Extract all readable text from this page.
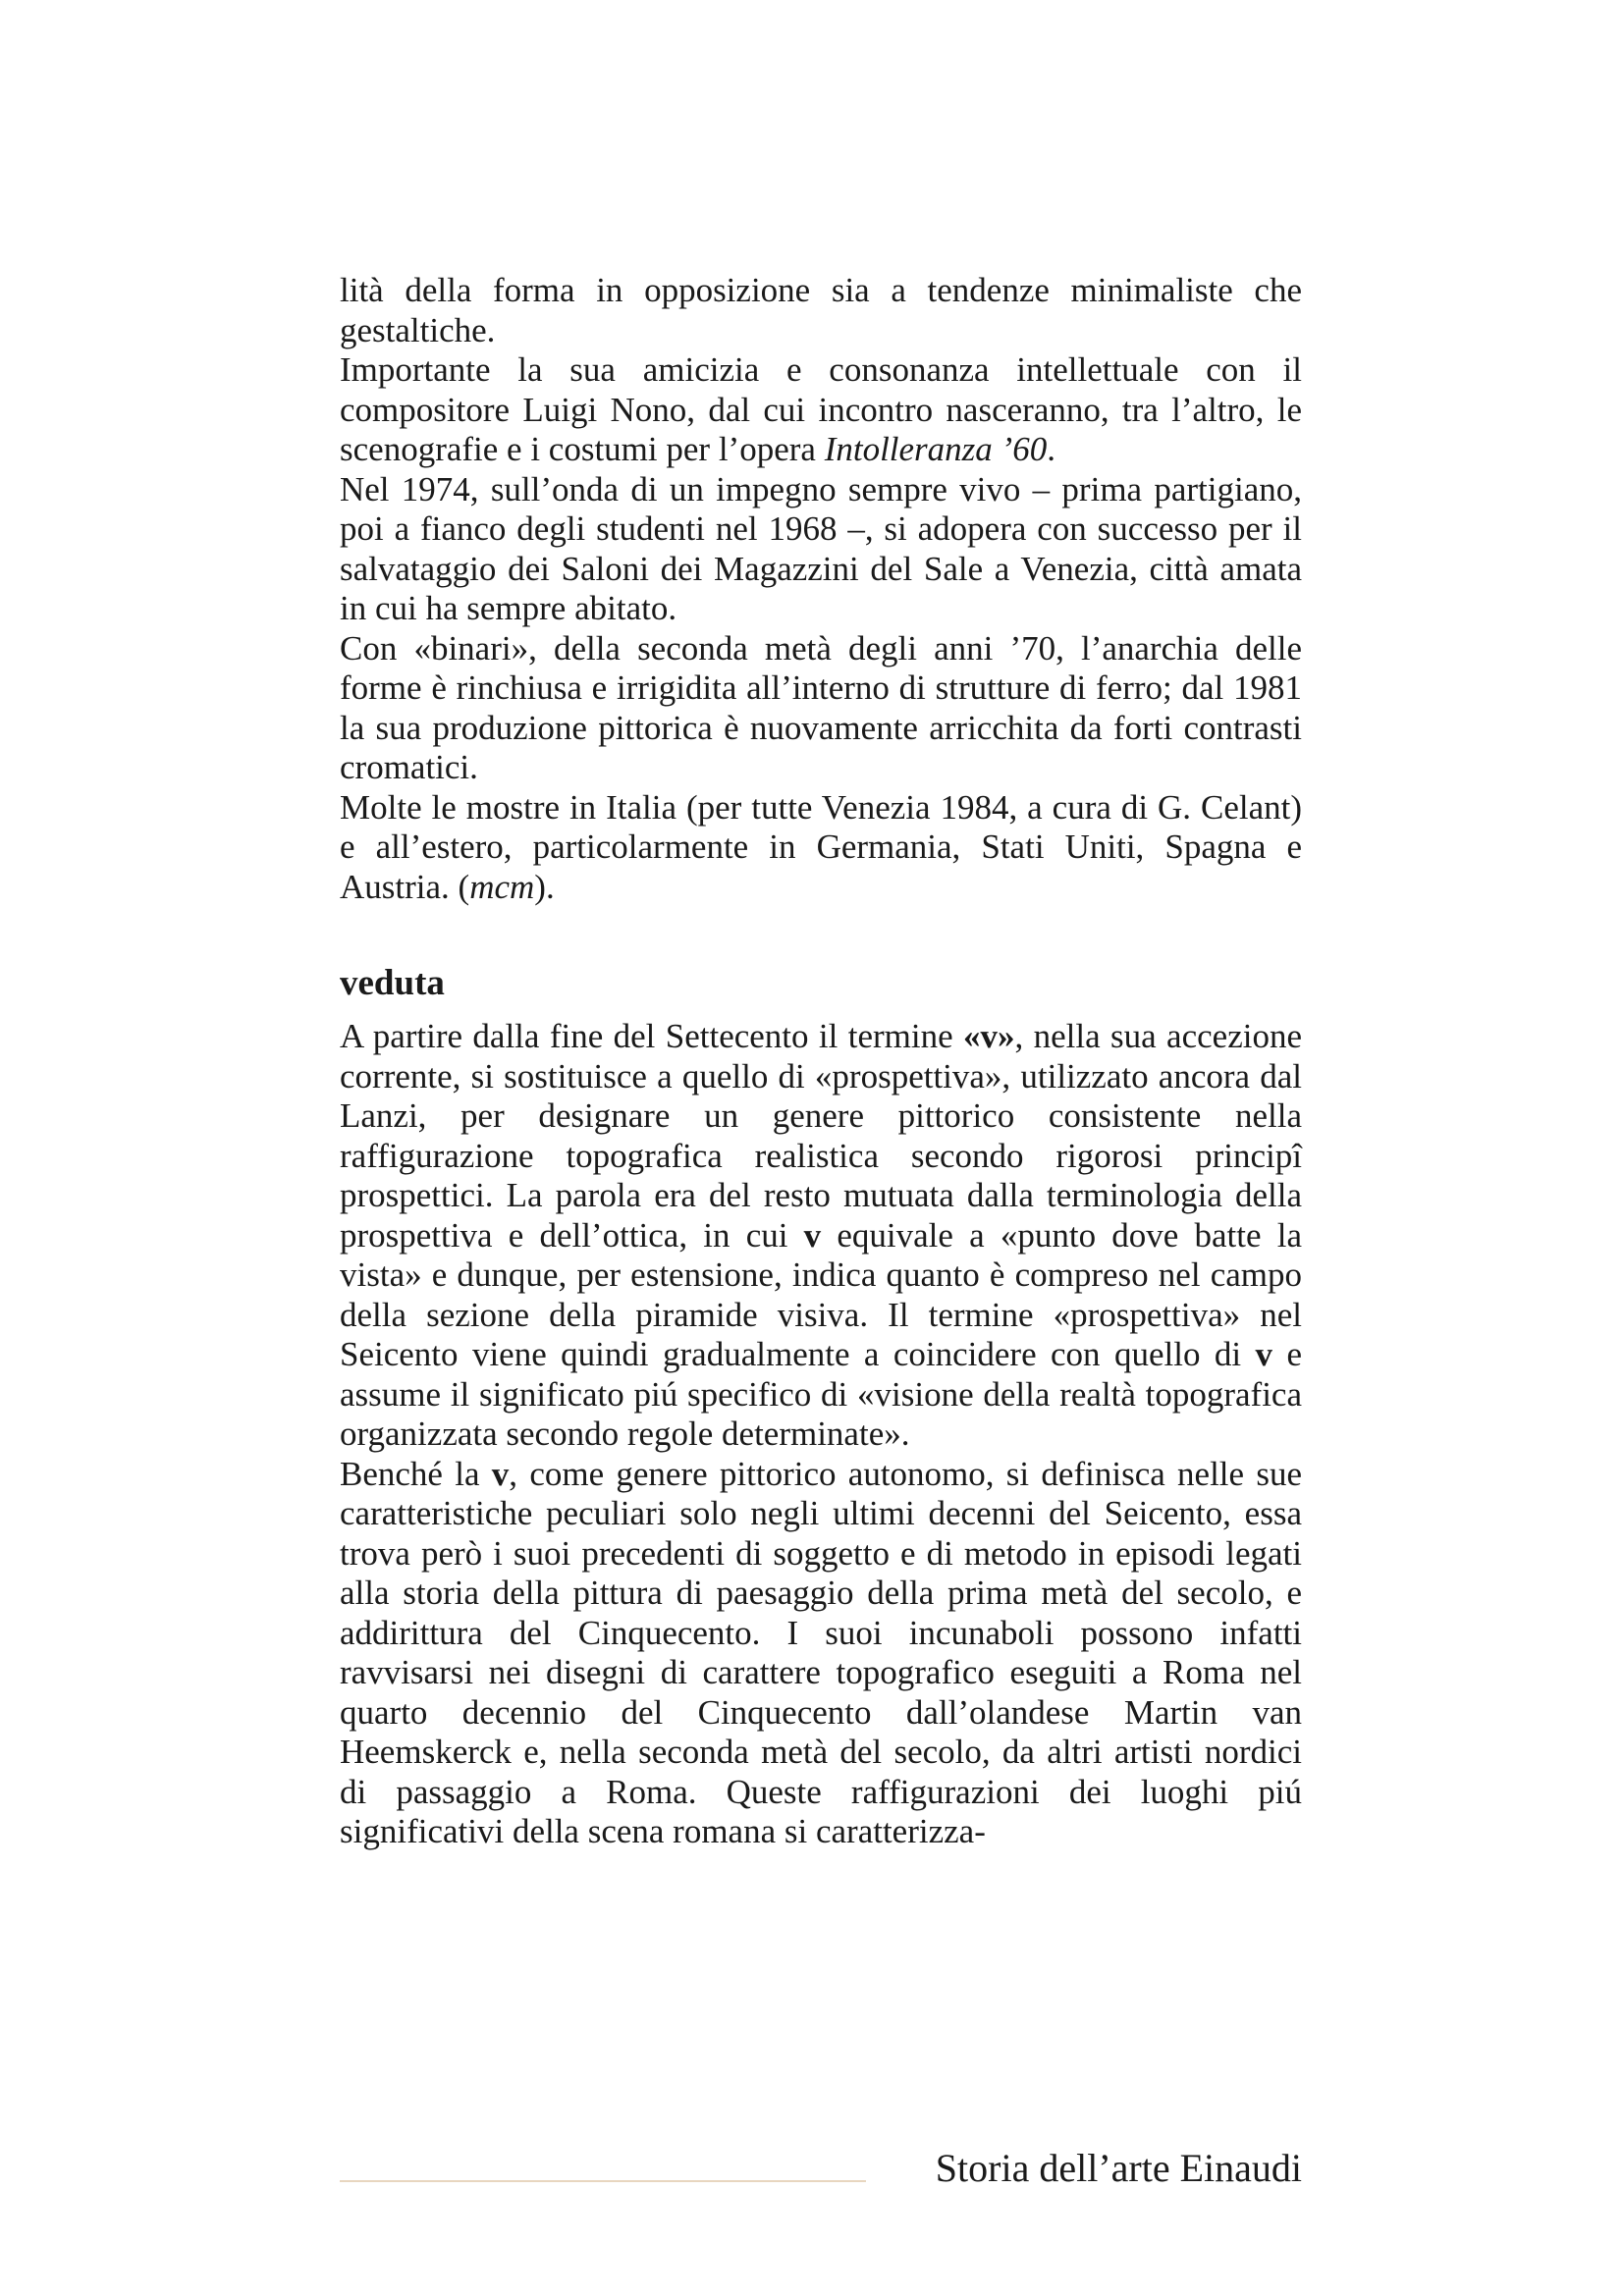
lità della forma in opposizione sia a tendenze minimaliste che gestaltiche.

Importante la sua amicizia e consonanza intellettuale con il compositore Luigi Nono, dal cui incontro nasceranno, tra l’altro, le scenografie e i costumi per l’opera Intolleranza ’60.

Nel 1974, sull’onda di un impegno sempre vivo – prima partigiano, poi a fianco degli studenti nel 1968 –, si adopera con successo per il salvataggio dei Saloni dei Magazzini del Sale a Venezia, città amata in cui ha sempre abitato.

Con «binari», della seconda metà degli anni ’70, l’anarchia delle forme è rinchiusa e irrigidita all’interno di strutture di ferro; dal 1981 la sua produzione pittorica è nuovamente arricchita da forti contrasti cromatici.

Molte le mostre in Italia (per tutte Venezia 1984, a cura di G. Celant) e all’estero, particolarmente in Germania, Stati Uniti, Spagna e Austria. (mcm).

veduta

A partire dalla fine del Settecento il termine «v», nella sua accezione corrente, si sostituisce a quello di «prospettiva», utilizzato ancora dal Lanzi, per designare un genere pittorico consistente nella raffigurazione topografica realistica secondo rigorosi principî prospettici. La parola era del resto mutuata dalla terminologia della prospettiva e dell’ottica, in cui v equivale a «punto dove batte la vista» e dunque, per estensione, indica quanto è compreso nel campo della sezione della piramide visiva. Il termine «prospettiva» nel Seicento viene quindi gradualmente a coincidere con quello di v e assume il significato piú specifico di «visione della realtà topografica organizzata secondo regole determinate».

Benché la v, come genere pittorico autonomo, si definisca nelle sue caratteristiche peculiari solo negli ultimi decenni del Seicento, essa trova però i suoi precedenti di soggetto e di metodo in episodi legati alla storia della pittura di paesaggio della prima metà del secolo, e addirittura del Cinquecento. I suoi incunaboli possono infatti ravvisarsi nei disegni di carattere topografico eseguiti a Roma nel quarto decennio del Cinquecento dall’olandese Martin van Heemskerck e, nella seconda metà del secolo, da altri artisti nordici di passaggio a Roma. Queste raffigurazioni dei luoghi piú significativi della scena romana si caratterizza-

Storia dell’arte Einaudi
